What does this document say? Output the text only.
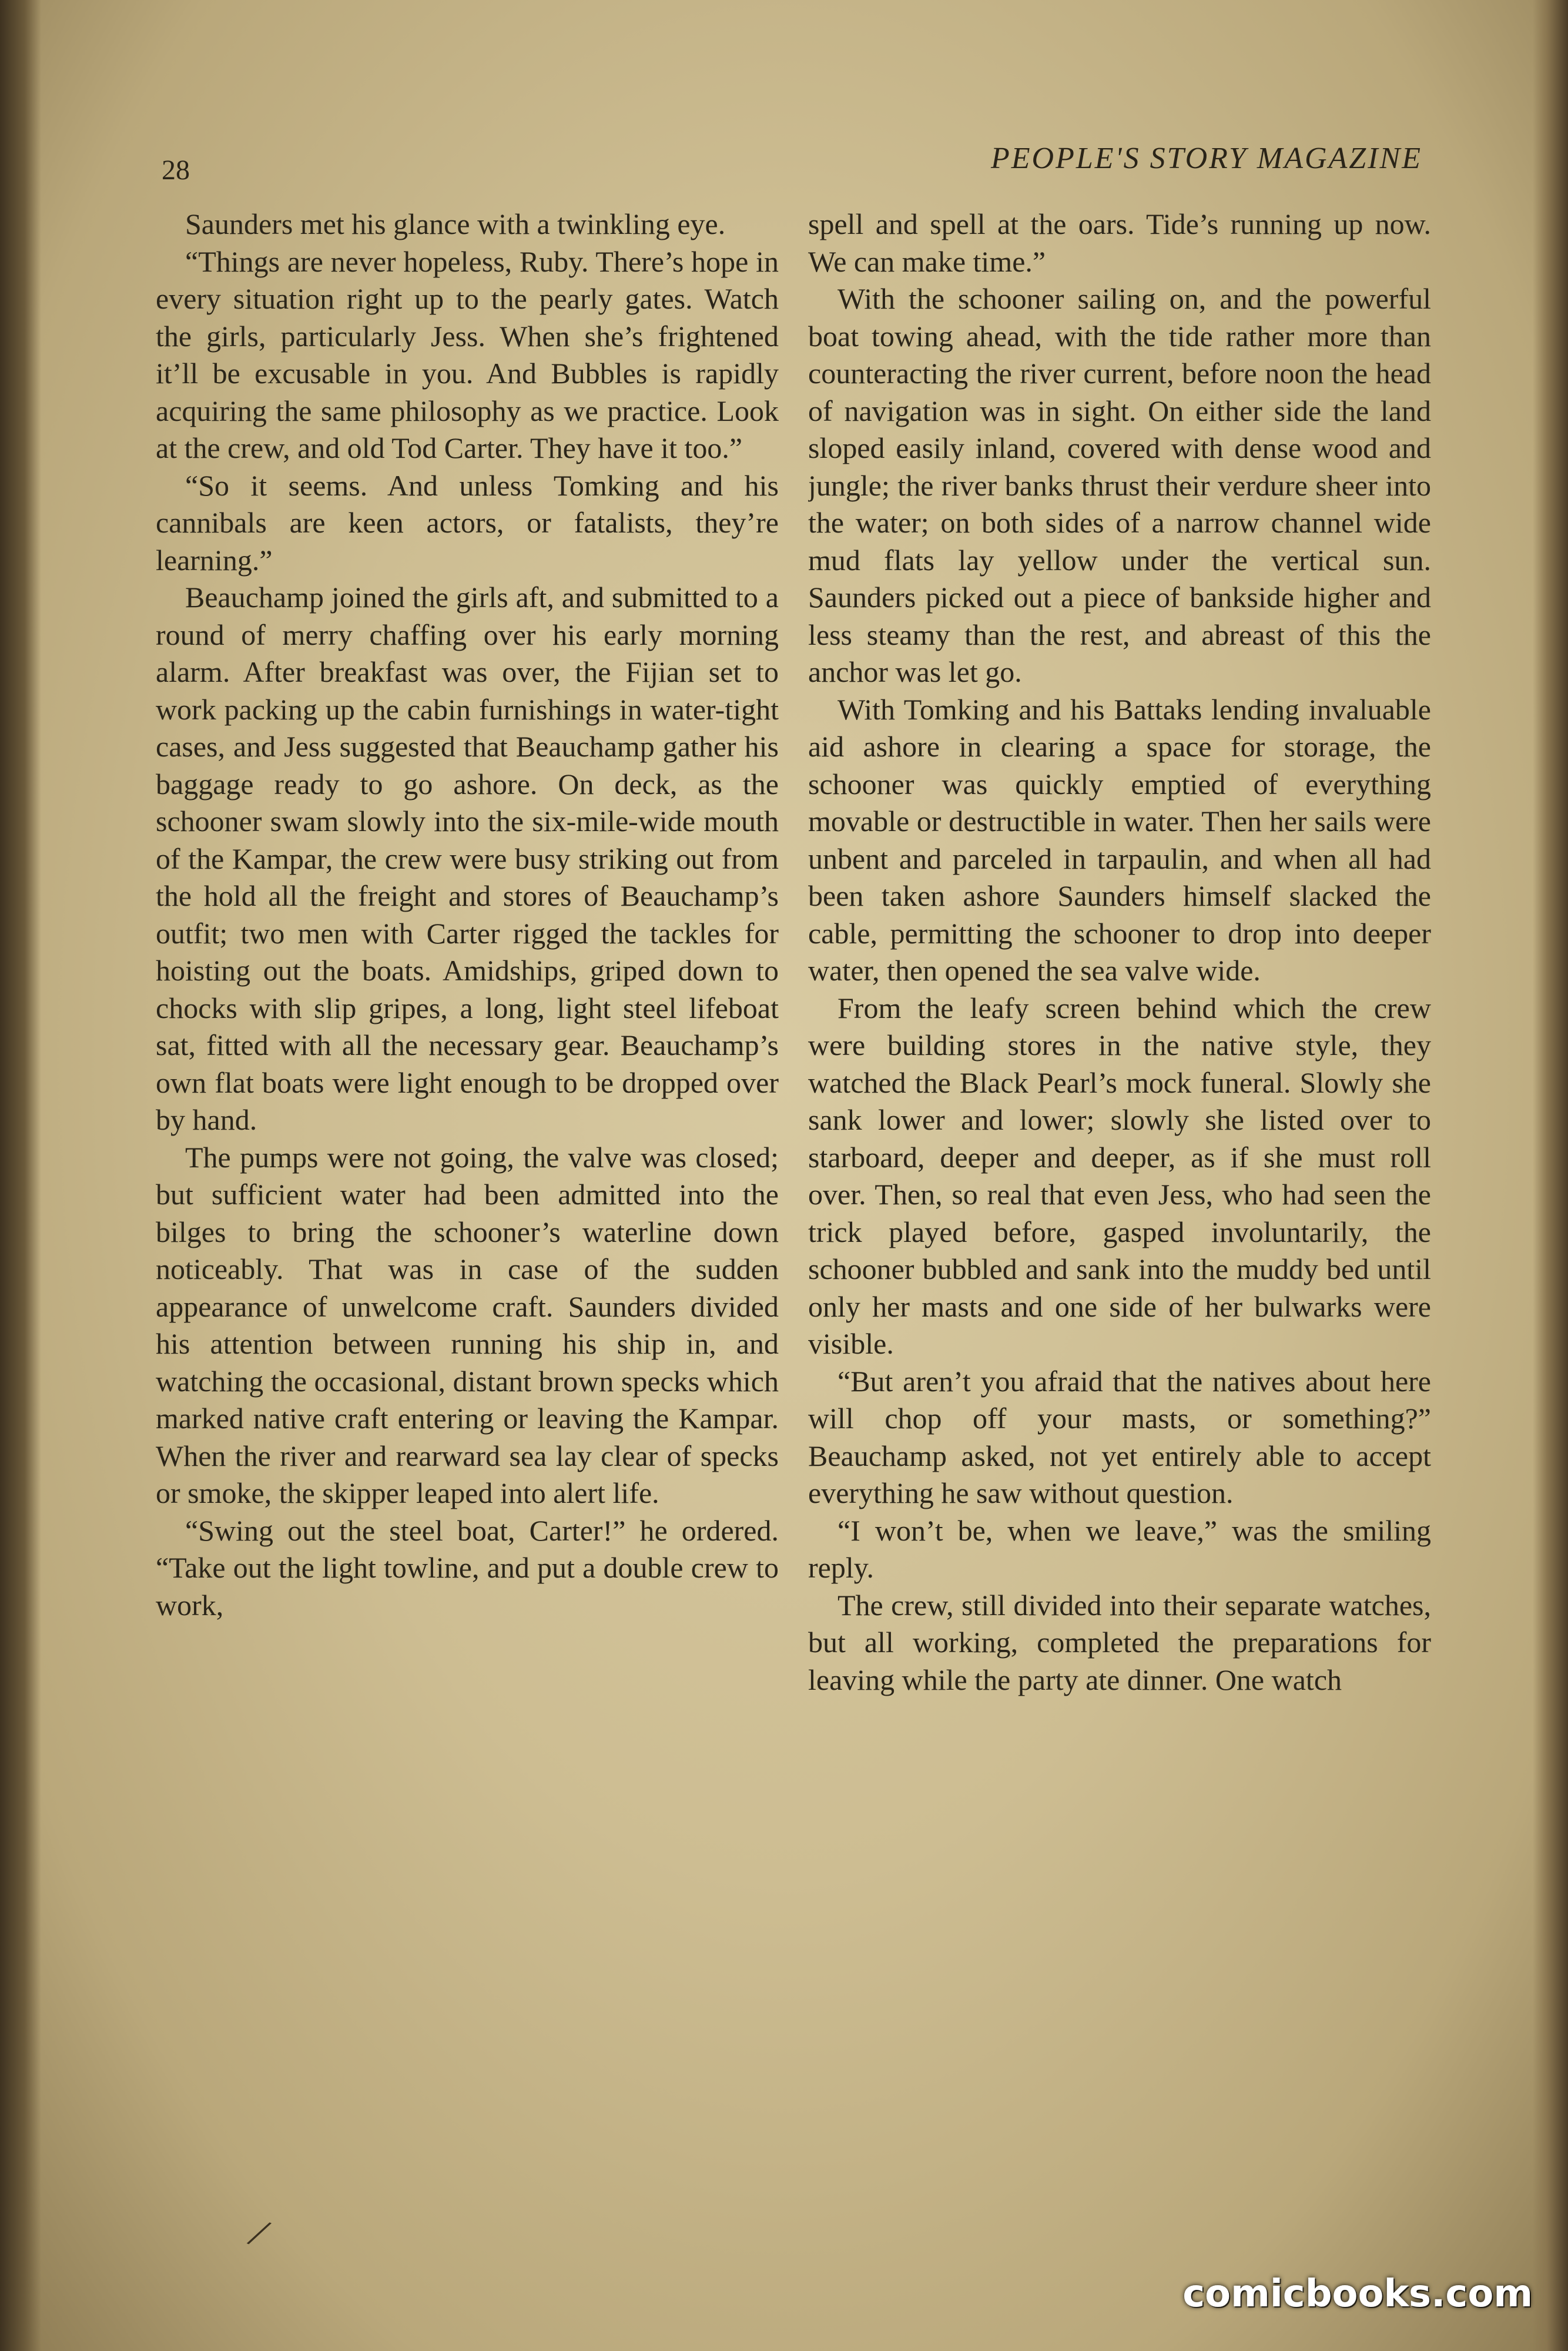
28	PEOPLE'S STORY MAGAZINE

Saunders met his glance with a twinkling eye.

“Things are never hopeless, Ruby. There’s hope in every situation right up to the pearly gates. Watch the girls, particularly Jess. When she’s frightened it’ll be excusable in you. And Bubbles is rapidly acquiring the same philosophy as we practice. Look at the crew, and old Tod Carter. They have it too.”

“So it seems. And unless Tomking and his cannibals are keen actors, or fatalists, they’re learning.”

Beauchamp joined the girls aft, and submitted to a round of merry chaffing over his early morning alarm. After breakfast was over, the Fijian set to work packing up the cabin furnishings in water-tight cases, and Jess suggested that Beauchamp gather his baggage ready to go ashore. On deck, as the schooner swam slowly into the six-mile-wide mouth of the Kampar, the crew were busy striking out from the hold all the freight and stores of Beauchamp’s outfit; two men with Carter rigged the tackles for hoisting out the boats. Amidships, griped down to chocks with slip gripes, a long, light steel lifeboat sat, fitted with all the necessary gear. Beauchamp’s own flat boats were light enough to be dropped over by hand.

The pumps were not going, the valve was closed; but sufficient water had been admitted into the bilges to bring the schooner’s waterline down noticeably. That was in case of the sudden appearance of unwelcome craft. Saunders divided his attention between running his ship in, and watching the occasional, distant brown specks which marked native craft entering or leaving the Kampar. When the river and rearward sea lay clear of specks or smoke, the skipper leaped into alert life.

“Swing out the steel boat, Carter!” he ordered. “Take out the light towline, and put a double crew to work,

spell and spell at the oars. Tide’s running up now. We can make time.”

With the schooner sailing on, and the powerful boat towing ahead, with the tide rather more than counteracting the river current, before noon the head of navigation was in sight. On either side the land sloped easily inland, covered with dense wood and jungle; the river banks thrust their verdure sheer into the water; on both sides of a narrow channel wide mud flats lay yellow under the vertical sun. Saunders picked out a piece of bankside higher and less steamy than the rest, and abreast of this the anchor was let go.

With Tomking and his Battaks lending invaluable aid ashore in clearing a space for storage, the schooner was quickly emptied of everything movable or destructible in water. Then her sails were unbent and parceled in tarpaulin, and when all had been taken ashore Saunders himself slacked the cable, permitting the schooner to drop into deeper water, then opened the sea valve wide.

From the leafy screen behind which the crew were building stores in the native style, they watched the Black Pearl’s mock funeral. Slowly she sank lower and lower; slowly she listed over to starboard, deeper and deeper, as if she must roll over. Then, so real that even Jess, who had seen the trick played before, gasped involuntarily, the schooner bubbled and sank into the muddy bed until only her masts and one side of her bulwarks were visible.

“But aren’t you afraid that the natives about here will chop off your masts, or something?” Beauchamp asked, not yet entirely able to accept everything he saw without question.

“I won’t be, when we leave,” was the smiling reply.

The crew, still divided into their separate watches, but all working, completed the preparations for leaving while the party ate dinner. One watch

/

comicbooks.com
